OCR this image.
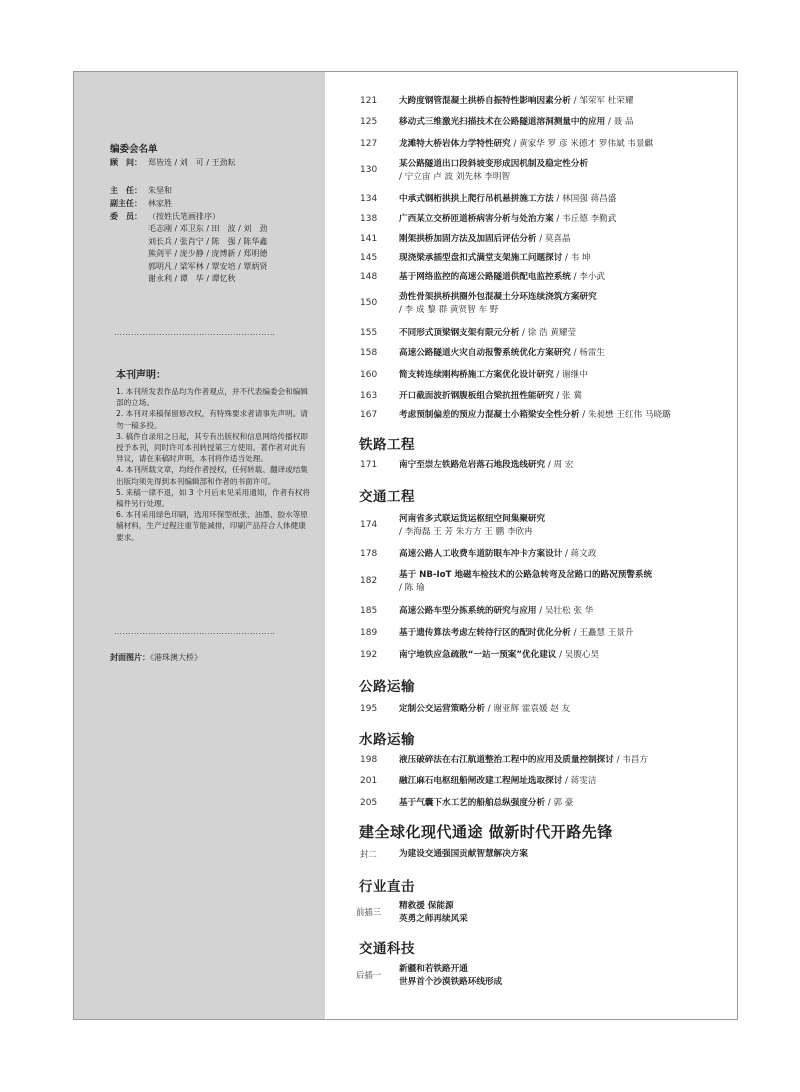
编委会名单
顾　问： 郑皆连 / 刘　可 / 王劲耘
主　任： 朱坚和
副主任： 林家胜
委　员： （按姓氏笔画排序）
毛志刚 / 邓卫东 / 田　波 / 刘　劲
刘长兵 / 张肖宁 / 陈　强 / 陈华鑫
熊剑平 / 庞少静 / 庞博新 / 郑明德
郭明凡 / 梁军林 / 覃安培 / 覃炳贤
谢永利 / 谭　华 / 谭忆秋
…………………………………………………
本刊声明：

1. 本刊所发表作品均为作者观点，并不代表编委会和编辑部的立场。

2. 本刊对来稿保留修改权，有特殊要求者请事先声明。请勿一稿多投。

3. 稿件自录用之日起，其专有出版权和信息网络传播权即授予本刊，同时许可本刊转授第三方使用。著作者对此有异议，请在来稿时声明，本刊将作适当处理。

4. 本刊所载文章，均经作者授权，任何转载、翻译或结集出版均须先得到本刊编辑部和作者的书面许可。

5. 来稿一律不退，如 3 个月后未见采用通知，作者有权将稿件另行处理。

6. 本刊采用绿色印刷，选用环保型纸张、油墨、胶水等原辅材料，生产过程注重节能减排，印刷产品符合人体健康要求。

…………………………………………………
封面图片：《港珠澳大桥》
121	大跨度钢管混凝土拱桥自振特性影响因素分析 / 邹荣军 杜荣耀
125	移动式三维激光扫描技术在公路隧道溶洞测量中的应用 / 聂 品
127	龙滩特大桥岩体力学特性研究 / 黄家华 罗 彦 米德才 罗伟斌 韦景麒
130
某公路隧道出口段斜坡变形成因机制及稳定性分析
/ 宁立宙 卢 波 刘先林 李明智
134	中承式钢桁拱拱上爬行吊机悬拼施工方法 / 林国强 蒋昌盛
138	广西某立交桥匝道桥病害分析与处治方案 / 韦丘德 李勤武
141	刚架拱桥加固方法及加固后评估分析 / 莫喜晶
145	现浇梁承插型盘扣式满堂支架施工问题探讨 / 韦 坤
148	基于网络监控的高速公路隧道供配电监控系统 / 李小武
150
劲性骨架拱桥拱圈外包混凝土分环连续浇筑方案研究
/ 李 成 黎 群 黄贤智 车 野
155	不同形式顶梁钢支架有限元分析 / 徐 浩 黄耀莹
158	高速公路隧道火灾自动报警系统优化方案研究 / 杨雷生
160	简支转连续刚构桥施工方案优化设计研究 / 谢继中
163	开口截面波折钢腹板组合梁抗扭性能研究 / 张 冀
167	考虑预制偏差的预应力混凝土小箱梁安全性分析 / 朱昶懋 王红伟 马晓璐
铁路工程
171	南宁至崇左铁路危岩落石地段选线研究 / 周 宏
交通工程
174
河南省多式联运货运枢纽空间集聚研究
/ 李海磊 王 芳 朱方方 王 鹏 李欣冉
178	高速公路人工收费车道防眼车冲卡方案设计 / 蒋文政
182
基于 NB-IoT 地磁车检技术的公路急转弯及岔路口的路况预警系统
/ 陈 瑜
185	高速公路车型分拣系统的研究与应用 / 吴壮松 张 华
189	基于遗传算法考虑左转待行区的配时优化分析 / 王矗慧 王景升
192	南宁地铁应急疏散“一站一预案”优化建议 / 吴腹心昊
公路运输
195	定制公交运营策略分析 / 谢亚辉 霍袁媛 赵 友
水路运输
198	液压破碎法在右江航道整治工程中的应用及质量控制探讨 / 韦昌方
201	融江麻石电枢纽船闸改建工程闸址选取探讨 / 蒋雯洁
205	基于气囊下水工艺的船舶总纵强度分析 / 郭 豪
建全球化现代通途 做新时代开路先锋
封二	为建设交通强国贡献智慧解决方案
行业直击
前插三
精救援 保能源
英勇之师再续风采
交通科技
后插一
新疆和若铁路开通
世界首个沙漠铁路环线形成
